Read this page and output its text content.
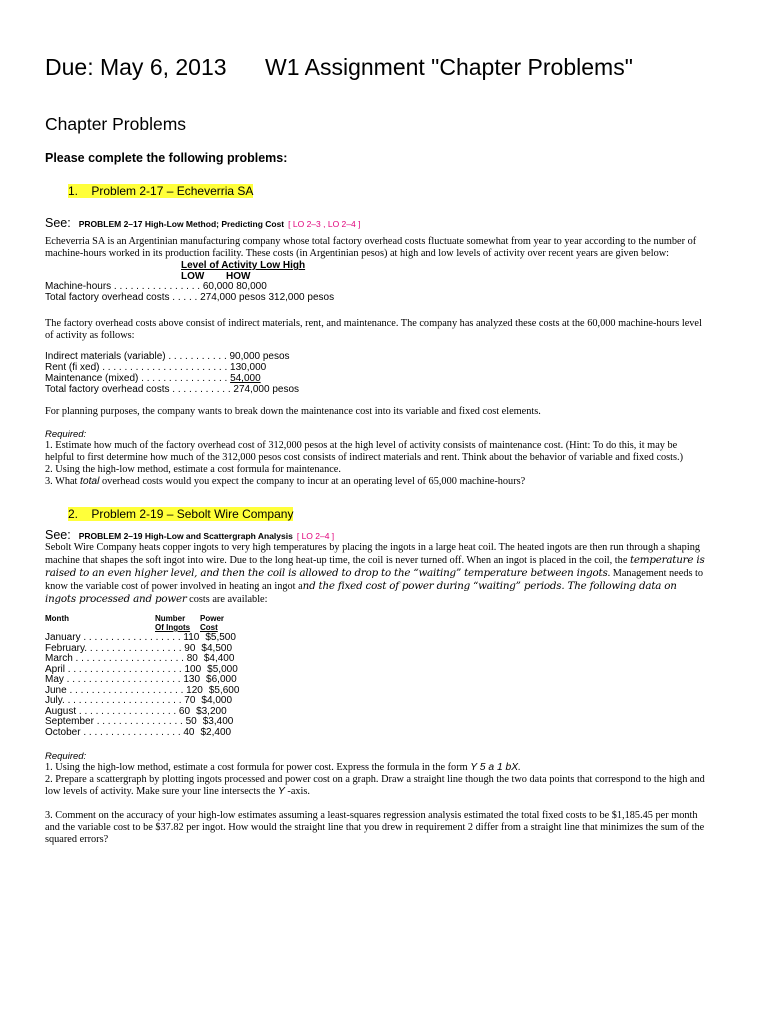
Due: May 6, 2013 W1 Assignment "Chapter Problems"
Chapter Problems
Please complete the following problems:
1. Problem 2-17 – Echeverria SA
See: PROBLEM 2–17 High-Low Method; Predicting Cost [ LO 2–3 , LO 2–4 ]
Echeverria SA is an Argentinian manufacturing company whose total factory overhead costs fluctuate somewhat from year to year according to the number of machine-hours worked in its production facility. These costs (in Argentinian pesos) at high and low levels of activity over recent years are given below:
Level of Activity Low High
LOW HOW
Machine-hours . . . . . . . . . . . . . . . . 60,000 80,000
Total factory overhead costs . . . . . 274,000 pesos 312,000 pesos
The factory overhead costs above consist of indirect materials, rent, and maintenance. The company has analyzed these costs at the 60,000 machine-hours level of activity as follows:
Indirect materials (variable) . . . . . . . . . . . 90,000 pesos
Rent (fi xed) . . . . . . . . . . . . . . . . . . . . . . . 130,000
Maintenance (mixed) . . . . . . . . . . . . . . . . 54,000
Total factory overhead costs . . . . . . . . . . . 274,000 pesos
For planning purposes, the company wants to break down the maintenance cost into its variable and fixed cost elements.
Required:
1. Estimate how much of the factory overhead cost of 312,000 pesos at the high level of activity consists of maintenance cost. (Hint: To do this, it may be helpful to first determine how much of the 312,000 pesos cost consists of indirect materials and rent. Think about the behavior of variable and fixed costs.)
2. Using the high-low method, estimate a cost formula for maintenance.
3. What total overhead costs would you expect the company to incur at an operating level of 65,000 machine-hours?
2. Problem 2-19 – Sebolt Wire Company
See: PROBLEM 2–19 High-Low and Scattergraph Analysis [ LO 2–4 ]
Sebolt Wire Company heats copper ingots to very high temperatures by placing the ingots in a large heat coil. The heated ingots are then run through a shaping machine that shapes the soft ingot into wire. Due to the long heat-up time, the coil is never turned off. When an ingot is placed in the coil, the temperature is raised to an even higher level, and then the coil is allowed to drop to the “waiting” temperature between ingots. Management needs to know the variable cost of power involved in heating an ingot and the fixed cost of power during “waiting” periods. The following data on ingots processed and power costs are available:
Month	Number
Of Ingots
Power
Cost
January . . . . . . . . . . . . . . . . . . 110 $5,500
February. . . . . . . . . . . . . . . . . . 90 $4,500
March . . . . . . . . . . . . . . . . . . . . 80 $4,400
April . . . . . . . . . . . . . . . . . . . . . 100 $5,000
May . . . . . . . . . . . . . . . . . . . . . 130 $6,000
June . . . . . . . . . . . . . . . . . . . . . 120 $5,600
July. . . . . . . . . . . . . . . . . . . . . . 70 $4,000
August . . . . . . . . . . . . . . . . . . 60 $3,200
September . . . . . . . . . . . . . . . . 50 $3,400
October . . . . . . . . . . . . . . . . . . 40 $2,400
Required:
1. Using the high-low method, estimate a cost formula for power cost. Express the formula in the form Y 5 a 1 bX.
2. Prepare a scattergraph by plotting ingots processed and power cost on a graph. Draw a straight line though the two data points that correspond to the high and low levels of activity. Make sure your line intersects the Y -axis.
3. Comment on the accuracy of your high-low estimates assuming a least-squares regression analysis estimated the total fixed costs to be $1,185.45 per month and the variable cost to be $37.82 per ingot. How would the straight line that you drew in requirement 2 differ from a straight line that minimizes the sum of the squared errors?
